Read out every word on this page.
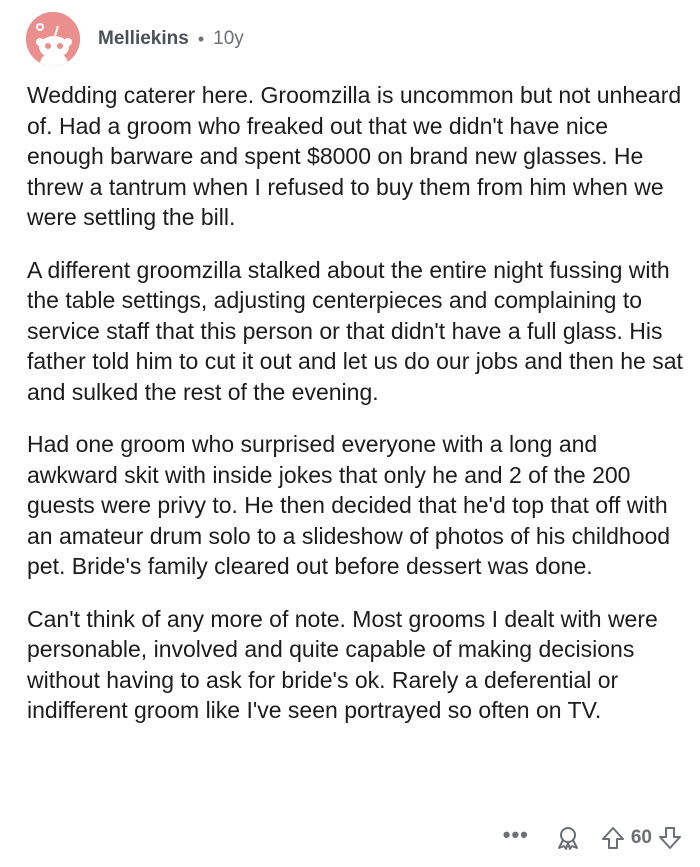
Melliekins • 10y

Wedding caterer here. Groomzilla is uncommon but not unheard of. Had a groom who freaked out that we didn't have nice enough barware and spent $8000 on brand new glasses. He threw a tantrum when I refused to buy them from him when we were settling the bill.

A different groomzilla stalked about the entire night fussing with the table settings, adjusting centerpieces and complaining to service staff that this person or that didn't have a full glass. His father told him to cut it out and let us do our jobs and then he sat and sulked the rest of the evening.

Had one groom who surprised everyone with a long and awkward skit with inside jokes that only he and 2 of the 200 guests were privy to. He then decided that he'd top that off with an amateur drum solo to a slideshow of photos of his childhood pet. Bride's family cleared out before dessert was done.

Can't think of any more of note. Most grooms I dealt with were personable, involved and quite capable of making decisions without having to ask for bride's ok. Rarely a deferential or indifferent groom like I've seen portrayed so often on TV.

•••	60
